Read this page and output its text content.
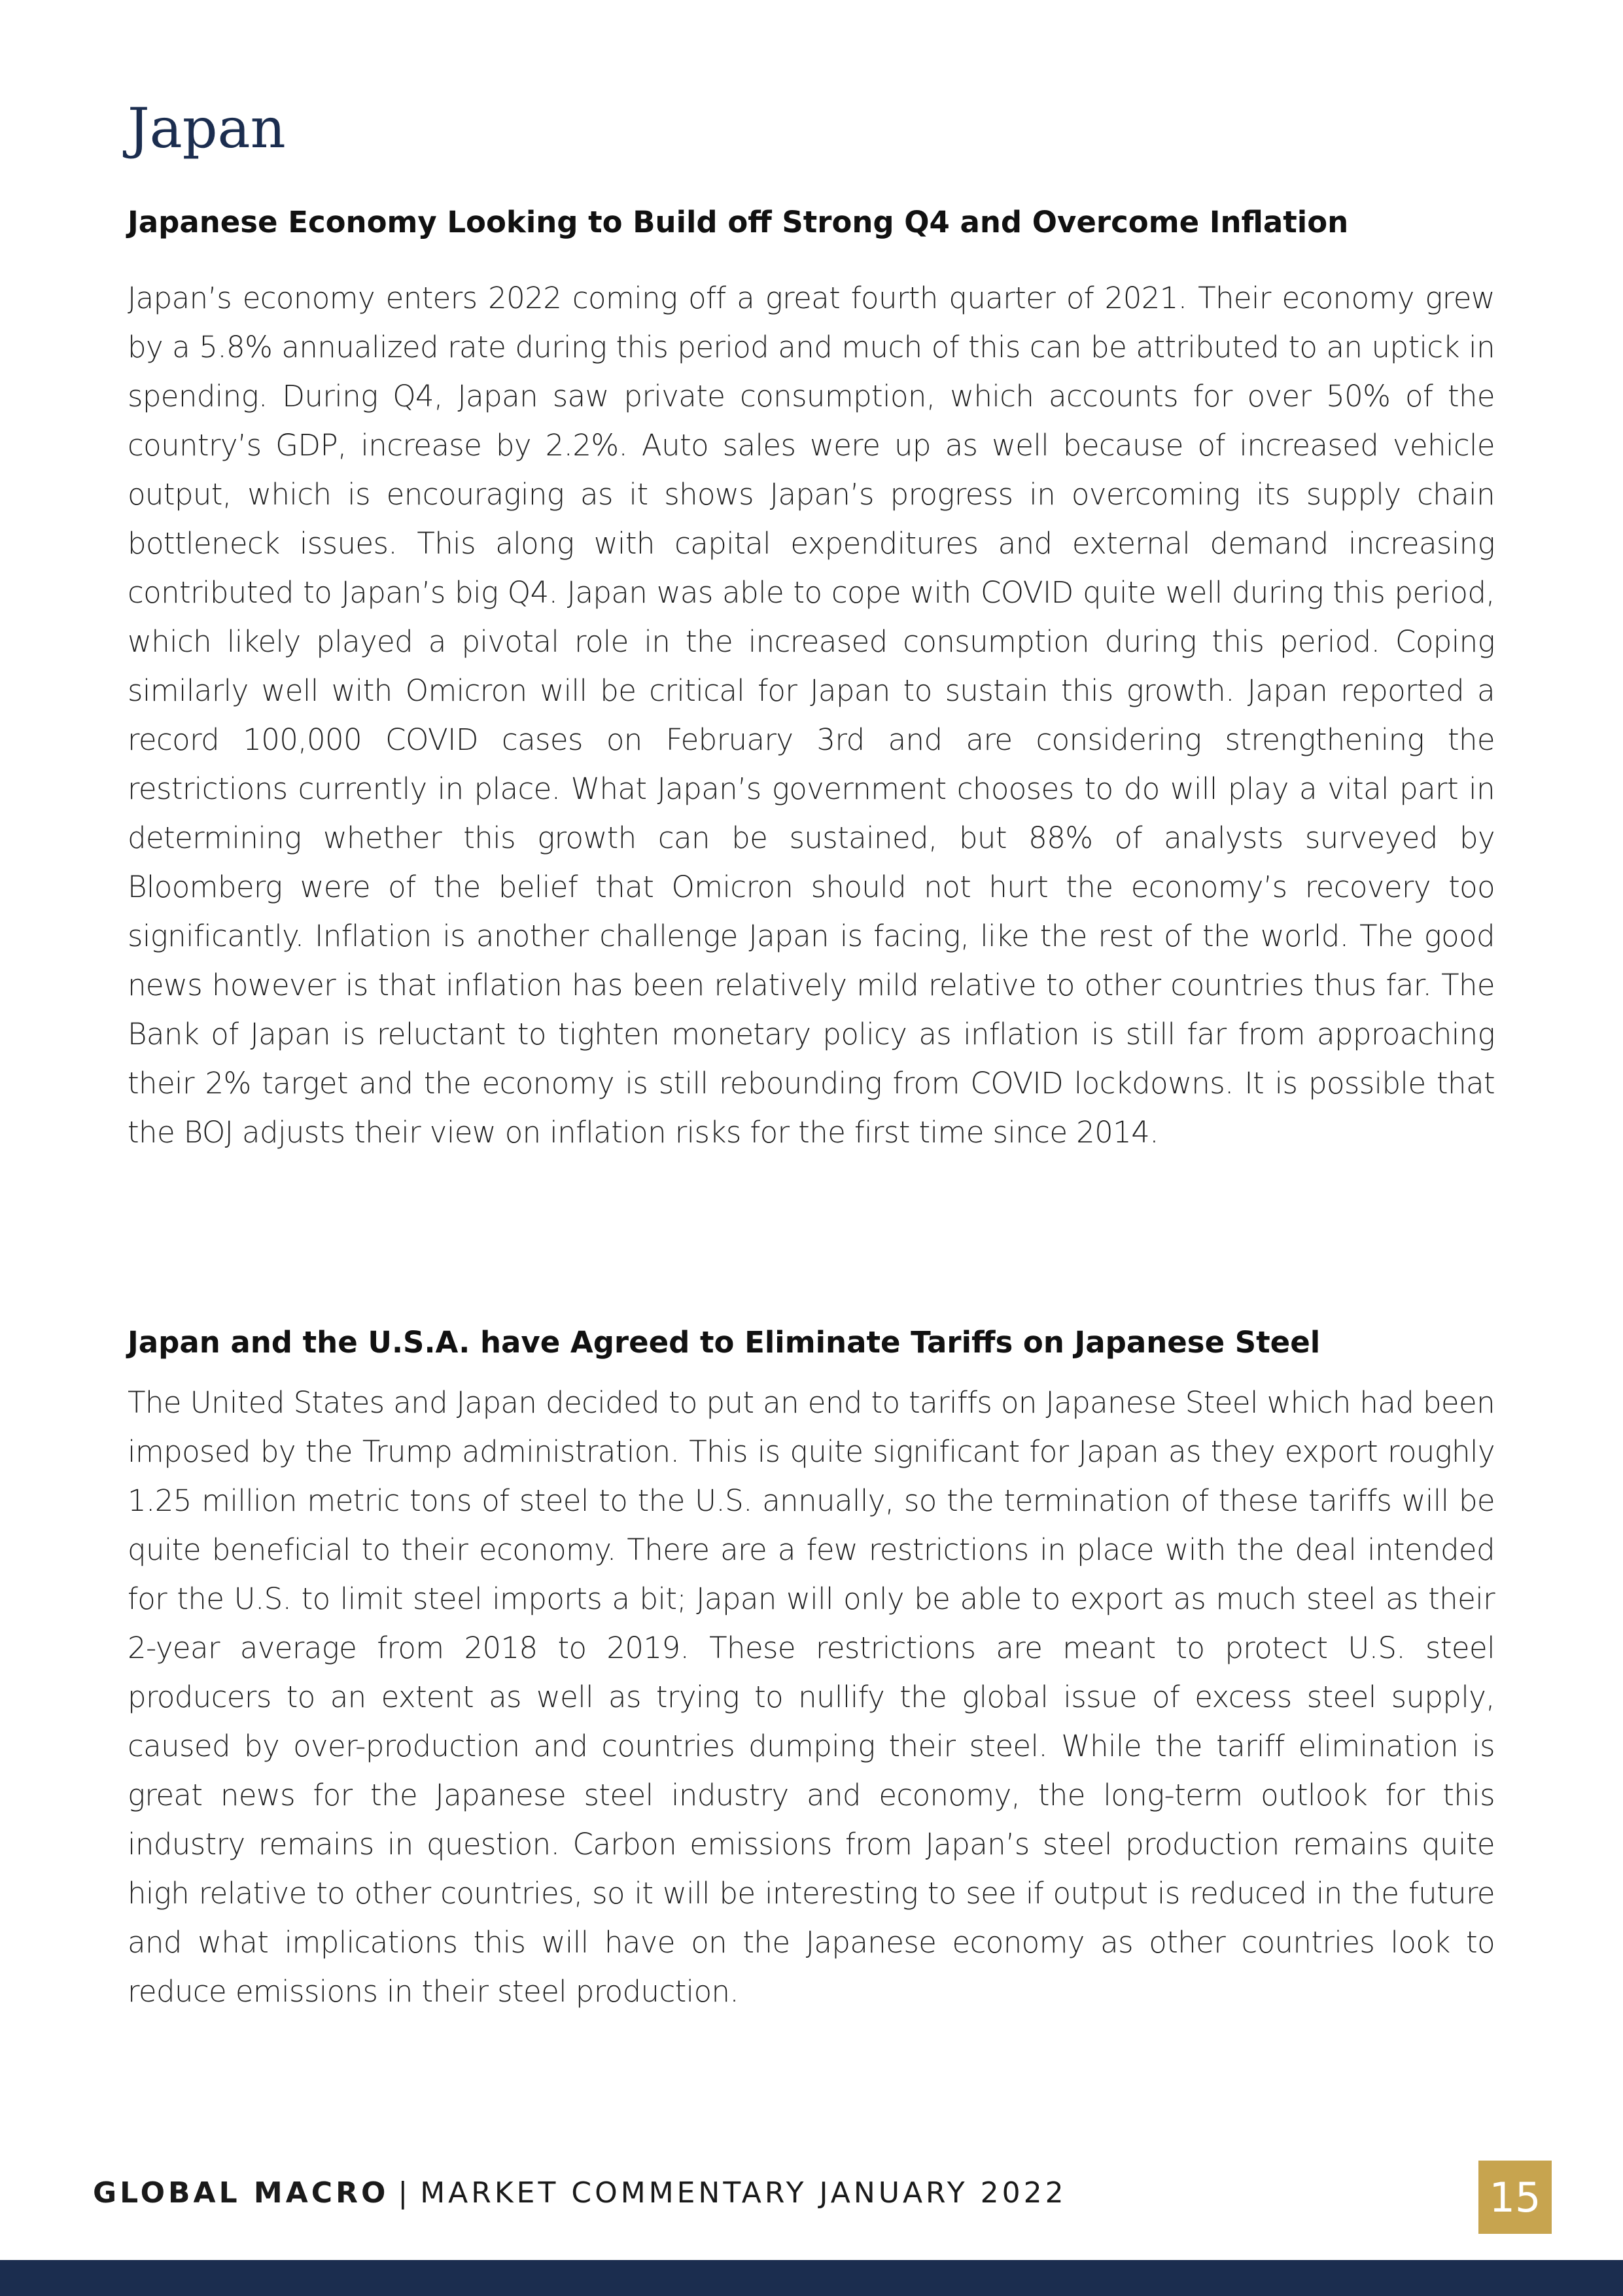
Japan
Japanese Economy Looking to Build off Strong Q4 and Overcome Inflation

Japan’s economy enters 2022 coming off a great fourth quarter of 2021. Their economy grew by a 5.8% annualized rate during this period and much of this can be attributed to an uptick in spending. During Q4, Japan saw private consumption, which accounts for over 50% of the country’s GDP, increase by 2.2%. Auto sales were up as well because of increased vehicle output, which is encouraging as it shows Japan’s progress in overcoming its supply chain bottleneck issues. This along with capital expenditures and external demand increasing contributed to Japan’s big Q4. Japan was able to cope with COVID quite well during this period, which likely played a pivotal role in the increased consumption during this period. Coping similarly well with Omicron will be critical for Japan to sustain this growth. Japan reported a record 100,000 COVID cases on February 3rd and are considering strengthening the restrictions currently in place. What Japan’s government chooses to do will play a vital part in determining whether this growth can be sustained, but 88% of analysts surveyed by Bloomberg were of the belief that Omicron should not hurt the economy’s recovery too significantly. Inflation is another challenge Japan is facing, like the rest of the world. The good news however is that inflation has been relatively mild relative to other countries thus far. The Bank of Japan is reluctant to tighten monetary policy as inflation is still far from approaching their 2% target and the economy is still rebounding from COVID lockdowns. It is possible that the BOJ adjusts their view on inflation risks for the first time since 2014.

Japan and the U.S.A. have Agreed to Eliminate Tariffs on Japanese Steel

The United States and Japan decided to put an end to tariffs on Japanese Steel which had been imposed by the Trump administration. This is quite significant for Japan as they export roughly 1.25 million metric tons of steel to the U.S. annually, so the termination of these tariffs will be quite beneficial to their economy. There are a few restrictions in place with the deal intended for the U.S. to limit steel imports a bit; Japan will only be able to export as much steel as their 2-year average from 2018 to 2019. These restrictions are meant to protect U.S. steel producers to an extent as well as trying to nullify the global issue of excess steel supply, caused by over-production and countries dumping their steel. While the tariff elimination is great news for the Japanese steel industry and economy, the long-term outlook for this industry remains in question. Carbon emissions from Japan’s steel production remains quite high relative to other countries, so it will be interesting to see if output is reduced in the future and what implications this will have on the Japanese economy as other countries look to reduce emissions in their steel production.

GLOBAL MACRO | MARKET COMMENTARY JANUARY 2022	15
